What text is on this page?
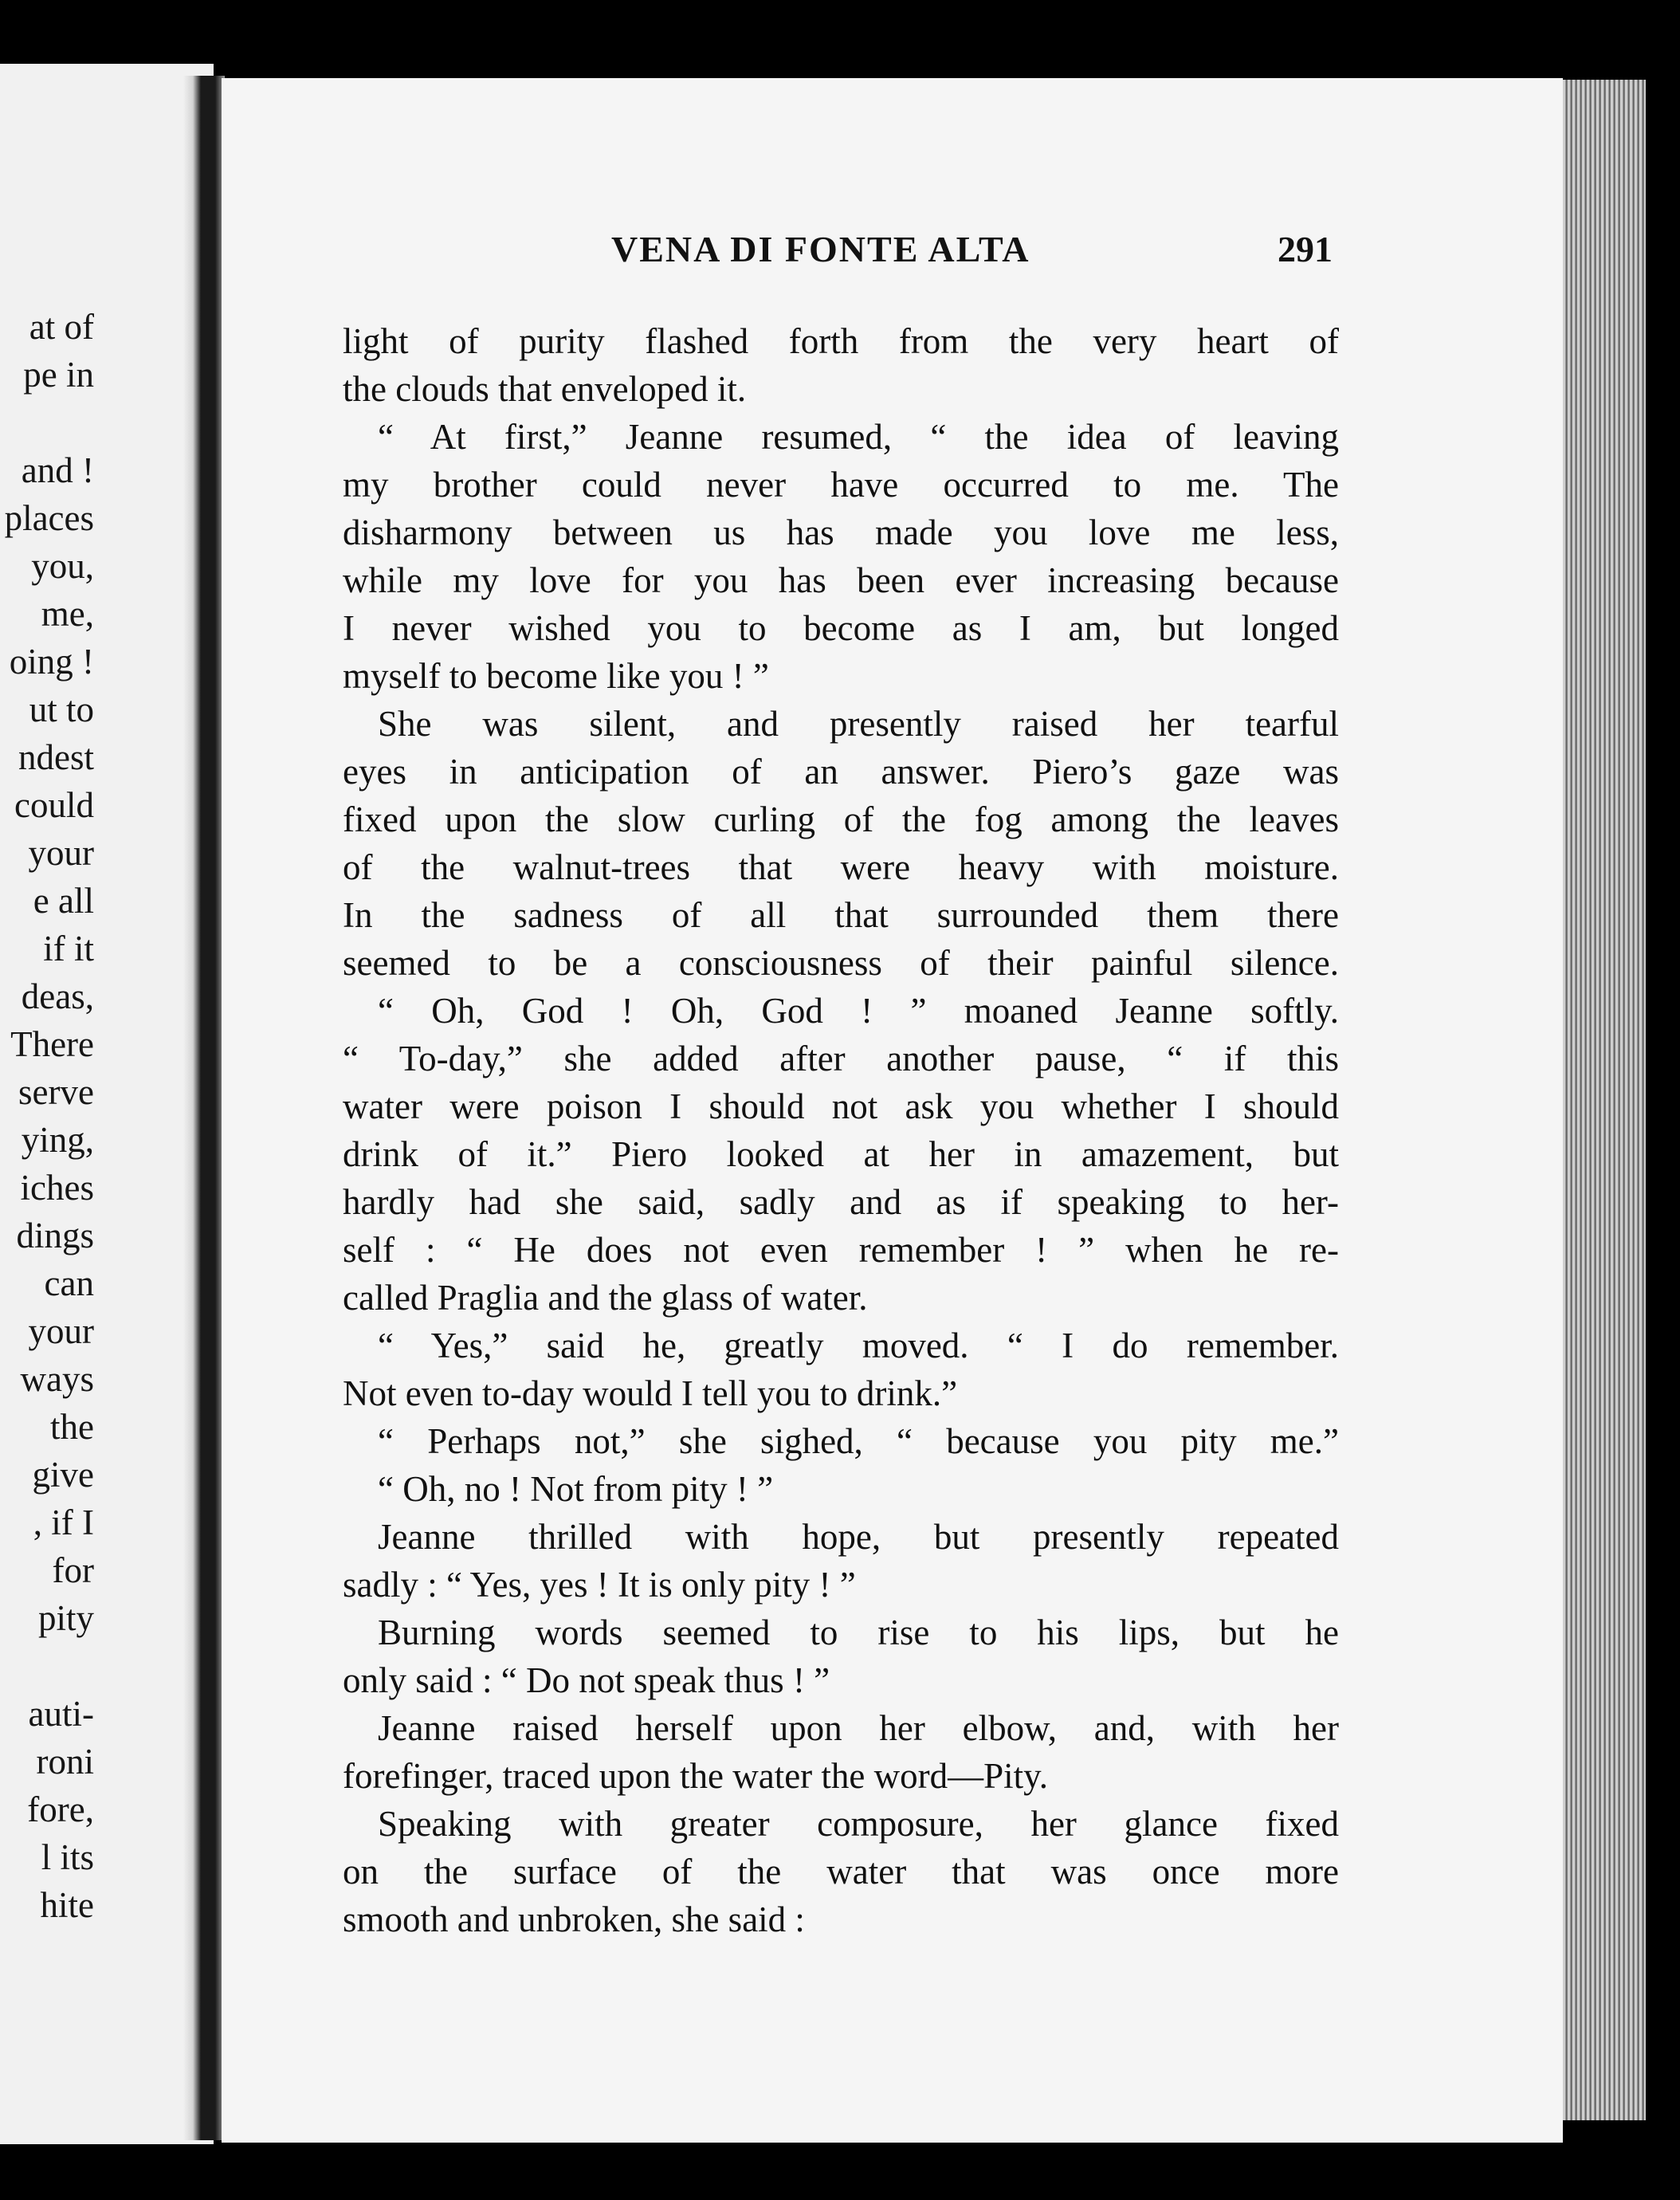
at of
pe in
and !
places
you,
me,
oing !
ut to
ndest
could
your
e all
if it
deas,
There
serve
ying,
iches
dings
can
your
ways
the
give
, if I
for
pity
auti-
roni
fore,
l its
hite
VENA DI FONTE ALTA	291
light of purity flashed forth from the very heart of
the clouds that enveloped it.
“ At first,” Jeanne resumed, “ the idea of leaving
my brother could never have occurred to me. The
disharmony between us has made you love me less,
while my love for you has been ever increasing because
I never wished you to become as I am, but longed
myself to become like you ! ”
She was silent, and presently raised her tearful
eyes in anticipation of an answer. Piero’s gaze was
fixed upon the slow curling of the fog among the leaves
of the walnut-trees that were heavy with moisture.
In the sadness of all that surrounded them there
seemed to be a consciousness of their painful silence.
“ Oh, God ! Oh, God ! ” moaned Jeanne softly.
“ To-day,” she added after another pause, “ if this
water were poison I should not ask you whether I should
drink of it.” Piero looked at her in amazement, but
hardly had she said, sadly and as if speaking to her-
self : “ He does not even remember ! ” when he re-
called Praglia and the glass of water.
“ Yes,” said he, greatly moved. “ I do remember.
Not even to-day would I tell you to drink.”
“ Perhaps not,” she sighed, “ because you pity me.”
“ Oh, no ! Not from pity ! ”
Jeanne thrilled with hope, but presently repeated
sadly : “ Yes, yes ! It is only pity ! ”
Burning words seemed to rise to his lips, but he
only said : “ Do not speak thus ! ”
Jeanne raised herself upon her elbow, and, with her
forefinger, traced upon the water the word—Pity.
Speaking with greater composure, her glance fixed
on the surface of the water that was once more
smooth and unbroken, she said :
